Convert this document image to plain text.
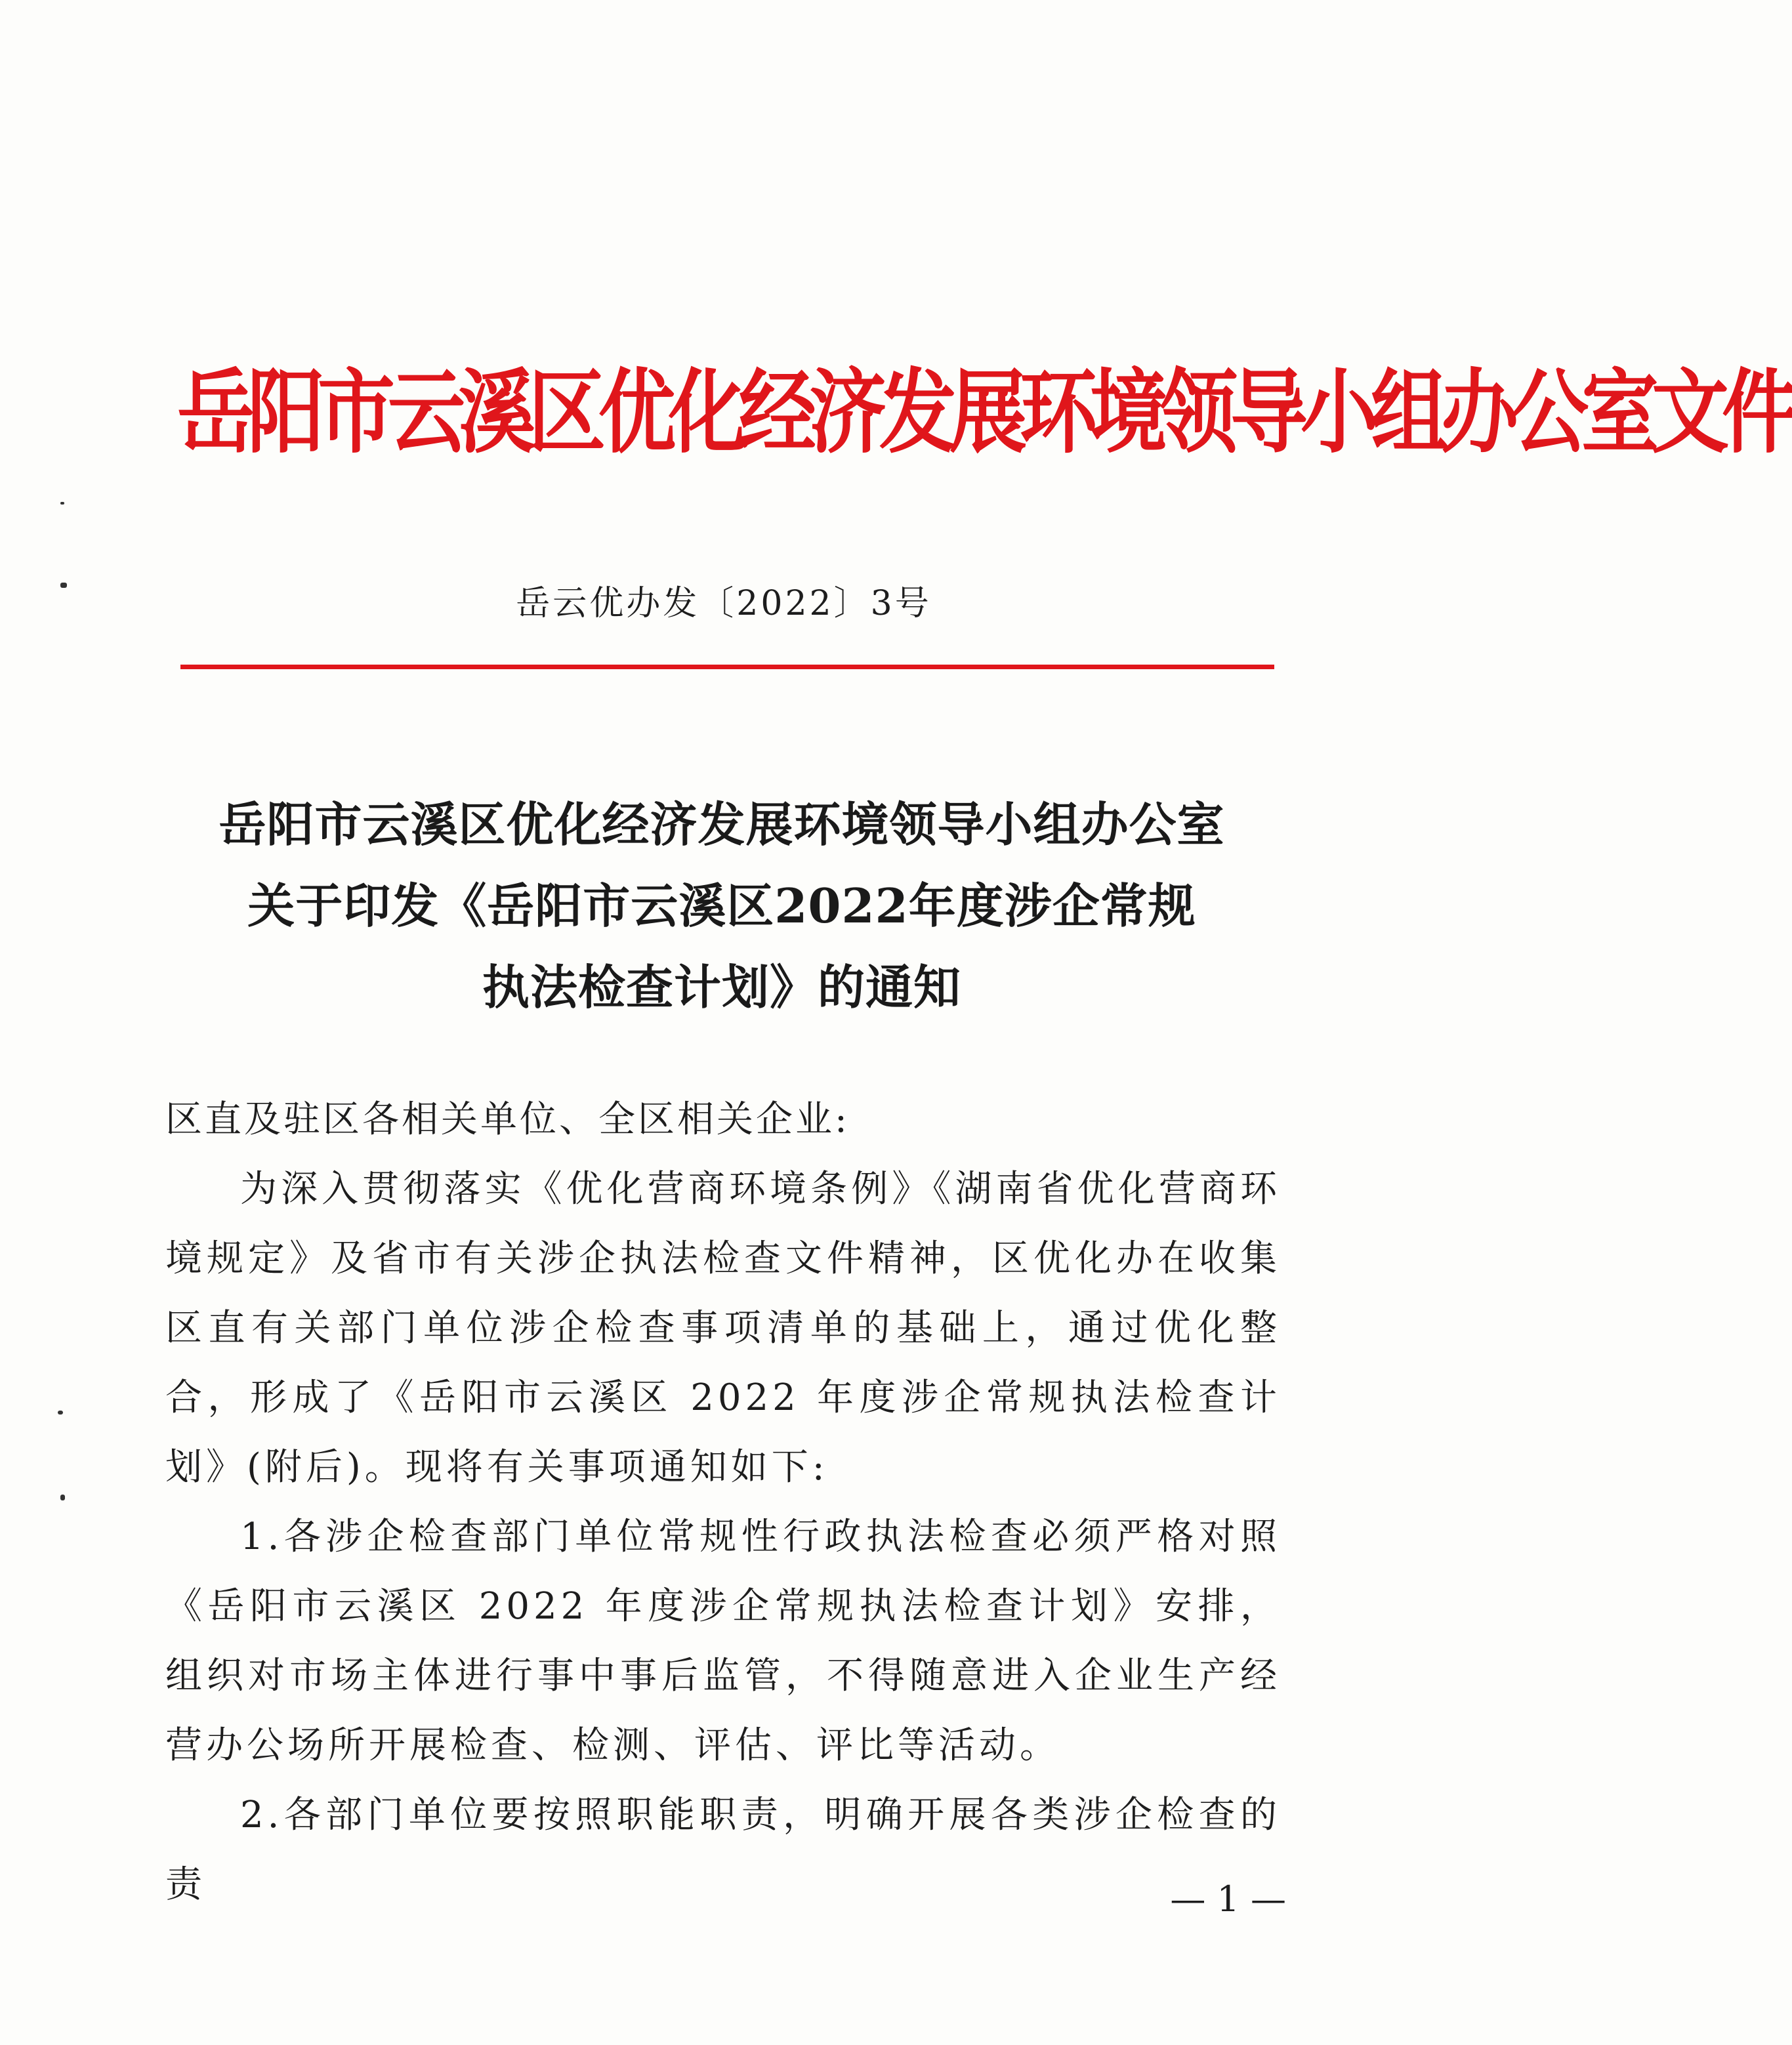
岳阳市云溪区优化经济发展环境领导小组办公室文件
岳云优办发〔2022〕3号
岳阳市云溪区优化经济发展环境领导小组办公室
关于印发《岳阳市云溪区2022年度涉企常规
执法检查计划》的通知

区直及驻区各相关单位、全区相关企业:

为深入贯彻落实《优化营商环境条例》《湖南省优化营商环境规定》及省市有关涉企执法检查文件精神，区优化办在收集区直有关部门单位涉企检查事项清单的基础上，通过优化整合，形成了《岳阳市云溪区 2022 年度涉企常规执法检查计划》(附后)。现将有关事项通知如下:

1.各涉企检查部门单位常规性行政执法检查必须严格对照《岳阳市云溪区 2022 年度涉企常规执法检查计划》安排，组织对市场主体进行事中事后监管，不得随意进入企业生产经营办公场所开展检查、检测、评估、评比等活动。

2.各部门单位要按照职能职责，明确开展各类涉企检查的责	— 1 —
